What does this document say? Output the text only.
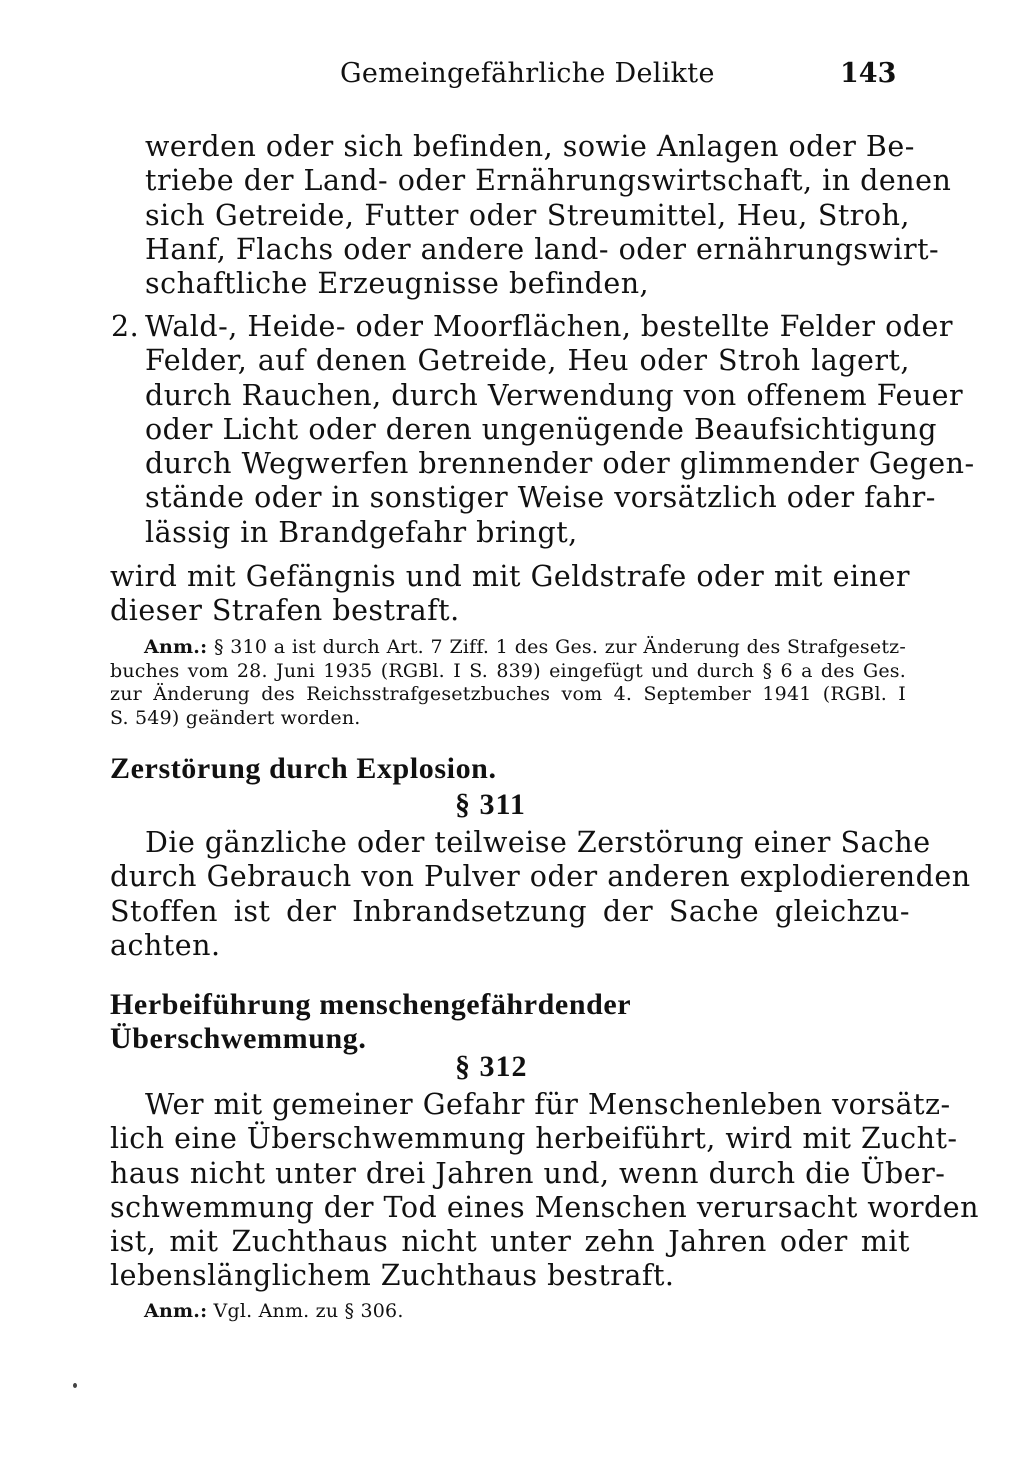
Gemeingefährliche Delikte	143
werden oder sich befinden, sowie Anlagen oder Be-
triebe der Land- oder Ernährungswirtschaft, in denen
sich Getreide, Futter oder Streumittel, Heu, Stroh,
Hanf, Flachs oder andere land- oder ernährungswirt-
schaftliche Erzeugnisse befinden,
2. Wald-, Heide- oder Moorflächen, bestellte Felder oder
Felder, auf denen Getreide, Heu oder Stroh lagert,
durch Rauchen, durch Verwendung von offenem Feuer
oder Licht oder deren ungenügende Beaufsichtigung
durch Wegwerfen brennender oder glimmender Gegen-
stände oder in sonstiger Weise vorsätzlich oder fahr-
lässig in Brandgefahr bringt,
wird mit Gefängnis und mit Geldstrafe oder mit einer
dieser Strafen bestraft.
Anm.: § 310 a ist durch Art. 7 Ziff. 1 des Ges. zur Änderung des Strafgesetz-
buches vom 28. Juni 1935 (RGBl. I S. 839) eingefügt und durch § 6 a des Ges.
zur Änderung des Reichsstrafgesetzbuches vom 4. September 1941 (RGBl. I
S. 549) geändert worden.
Zerstörung durch Explosion.
§ 311
Die gänzliche oder teilweise Zerstörung einer Sache
durch Gebrauch von Pulver oder anderen explodierenden
Stoffen ist der Inbrandsetzung der Sache gleichzu-
achten.
Herbeiführung menschengefährdender
Überschwemmung.
§ 312
Wer mit gemeiner Gefahr für Menschenleben vorsätz-
lich eine Überschwemmung herbeiführt, wird mit Zucht-
haus nicht unter drei Jahren und, wenn durch die Über-
schwemmung der Tod eines Menschen verursacht worden
ist, mit Zuchthaus nicht unter zehn Jahren oder mit
lebenslänglichem Zuchthaus bestraft.
Anm.: Vgl. Anm. zu § 306.
